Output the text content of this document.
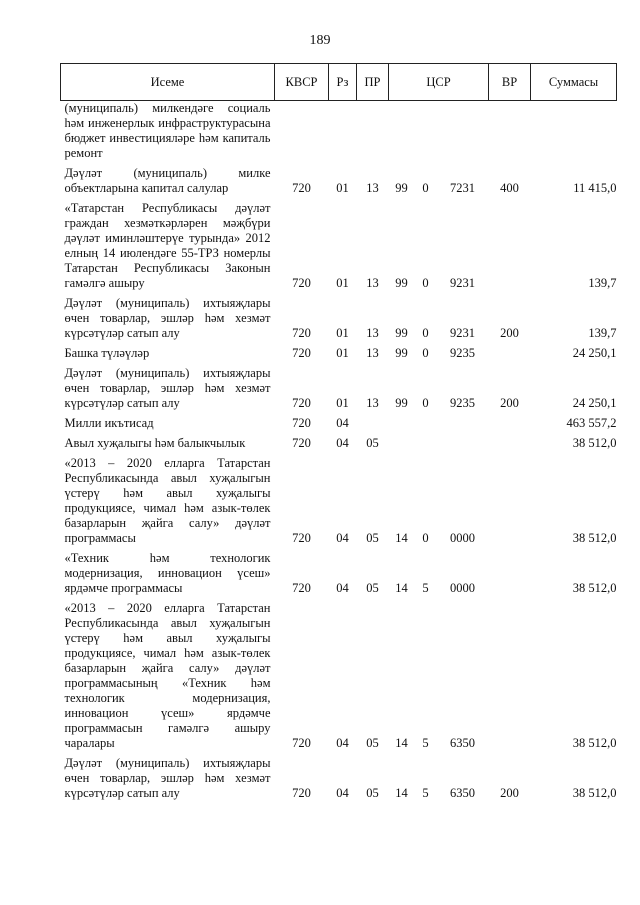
189
Исеме	КВСР	Рз	ПР	ЦСР			ВР	Суммасы
(муниципаль) милкендәге социаль һәм инженерлык инфраструктурасына бюджет инвестицияләре һәм капиталь ремонт								
Дәүләт (муниципаль) милке объектларына капитал салулар	720	01	13	99	0	7231	400	11 415,0
«Татарстан Республикасы дәүләт граждан хезмәткәрләрен мәҗбүри дәүләт иминләштерүе турында» 2012 елның 14 июлендәге 55-ТРЗ номерлы Татарстан Республикасы Законын гамәлгә ашыру	720	01	13	99	0	9231		139,7
Дәүләт (муниципаль) ихтыяҗлары өчен товарлар, эшләр һәм хезмәт күрсәтүләр сатып алу	720	01	13	99	0	9231	200	139,7
Башка түләүләр	720	01	13	99	0	9235		24 250,1
Дәүләт (муниципаль) ихтыяҗлары өчен товарлар, эшләр һәм хезмәт күрсәтүләр сатып алу	720	01	13	99	0	9235	200	24 250,1
Милли икътисад	720	04						463 557,2
Авыл хуҗалыгы һәм балыкчылык	720	04	05					38 512,0
«2013 – 2020 елларга Татарстан Республикасында авыл хуҗалыгын үстерү һәм авыл хуҗалыгы продукциясе, чимал һәм азык-төлек базарларын җайга салу» дәүләт программасы	720	04	05	14	0	0000		38 512,0
«Техник һәм технологик модернизация, инновацион үсеш» ярдәмче программасы	720	04	05	14	5	0000		38 512,0
«2013 – 2020 елларга Татарстан Республикасында авыл хуҗалыгын үстерү һәм авыл хуҗалыгы продукциясе, чимал һәм азык-төлек базарларын җайга салу» дәүләт программасының «Техник һәм технологик модернизация, инновацион үсеш» ярдәмче программасын гамәлгә ашыру чаралары	720	04	05	14	5	6350		38 512,0
Дәүләт (муниципаль) ихтыяҗлары өчен товарлар, эшләр һәм хезмәт күрсәтүләр сатып алу	720	04	05	14	5	6350	200	38 512,0
